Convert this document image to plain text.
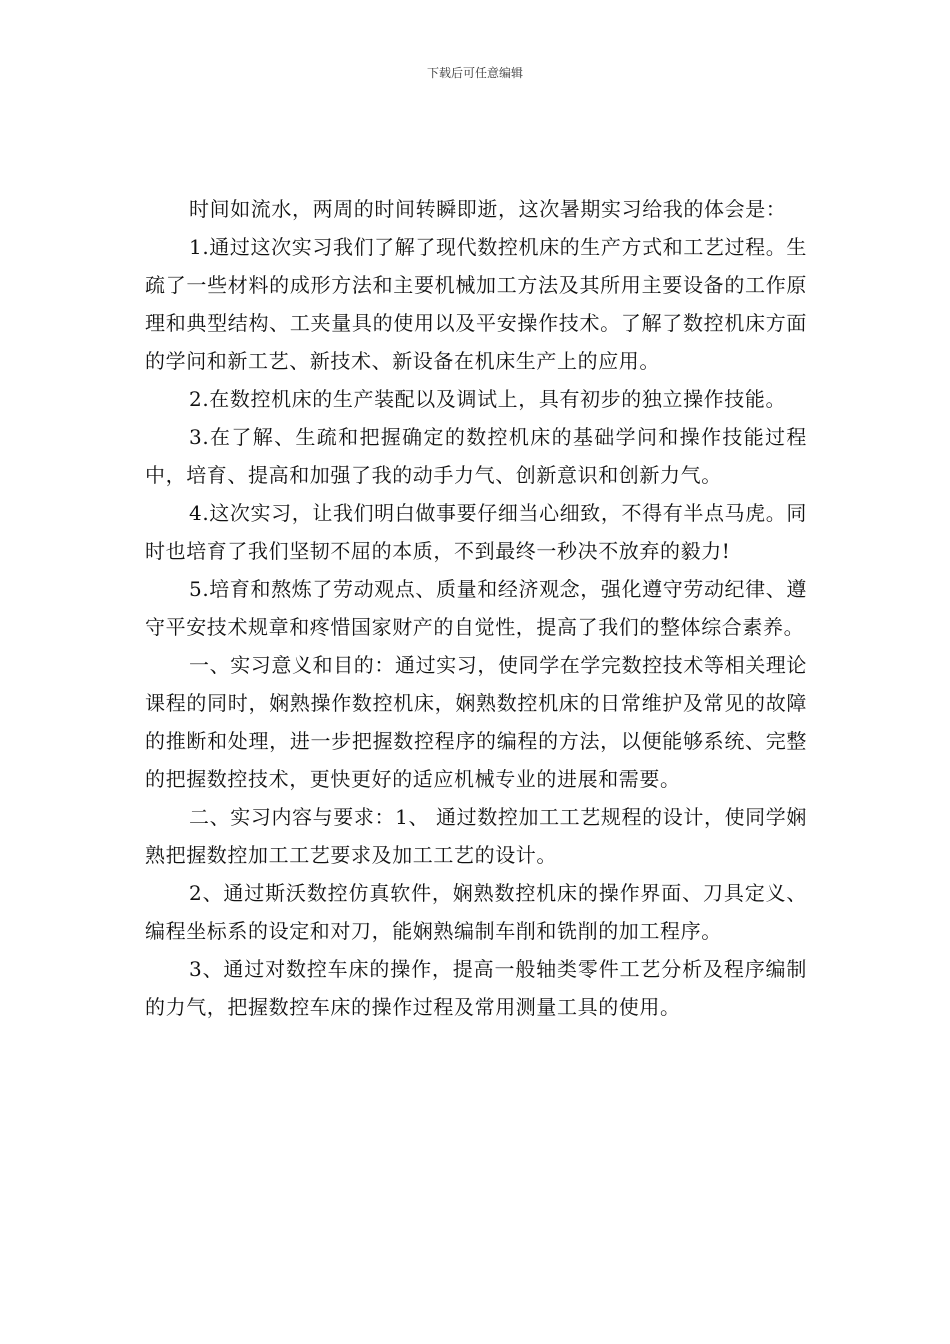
下载后可任意编辑

时间如流水，两周的时间转瞬即逝，这次暑期实习给我的体会是：

1.通过这次实习我们了解了现代数控机床的生产方式和工艺过程。生疏了一些材料的成形方法和主要机械加工方法及其所用主要设备的工作原理和典型结构、工夹量具的使用以及平安操作技术。了解了数控机床方面的学问和新工艺、新技术、新设备在机床生产上的应用。

2.在数控机床的生产装配以及调试上，具有初步的独立操作技能。

3.在了解、生疏和把握确定的数控机床的基础学问和操作技能过程中，培育、提高和加强了我的动手力气、创新意识和创新力气。

4.这次实习，让我们明白做事要仔细当心细致，不得有半点马虎。同时也培育了我们坚韧不屈的本质，不到最终一秒决不放弃的毅力!

5.培育和熬炼了劳动观点、质量和经济观念，强化遵守劳动纪律、遵守平安技术规章和疼惜国家财产的自觉性，提高了我们的整体综合素养。

一、实习意义和目的：通过实习，使同学在学完数控技术等相关理论课程的同时，娴熟操作数控机床，娴熟数控机床的日常维护及常见的故障的推断和处理，进一步把握数控程序的编程的方法，以便能够系统、完整的把握数控技术，更快更好的适应机械专业的进展和需要。

二、实习内容与要求：1、 通过数控加工工艺规程的设计，使同学娴熟把握数控加工工艺要求及加工工艺的设计。

2、通过斯沃数控仿真软件，娴熟数控机床的操作界面、刀具定义、编程坐标系的设定和对刀，能娴熟编制车削和铣削的加工程序。

3、通过对数控车床的操作，提高一般轴类零件工艺分析及程序编制的力气，把握数控车床的操作过程及常用测量工具的使用。
